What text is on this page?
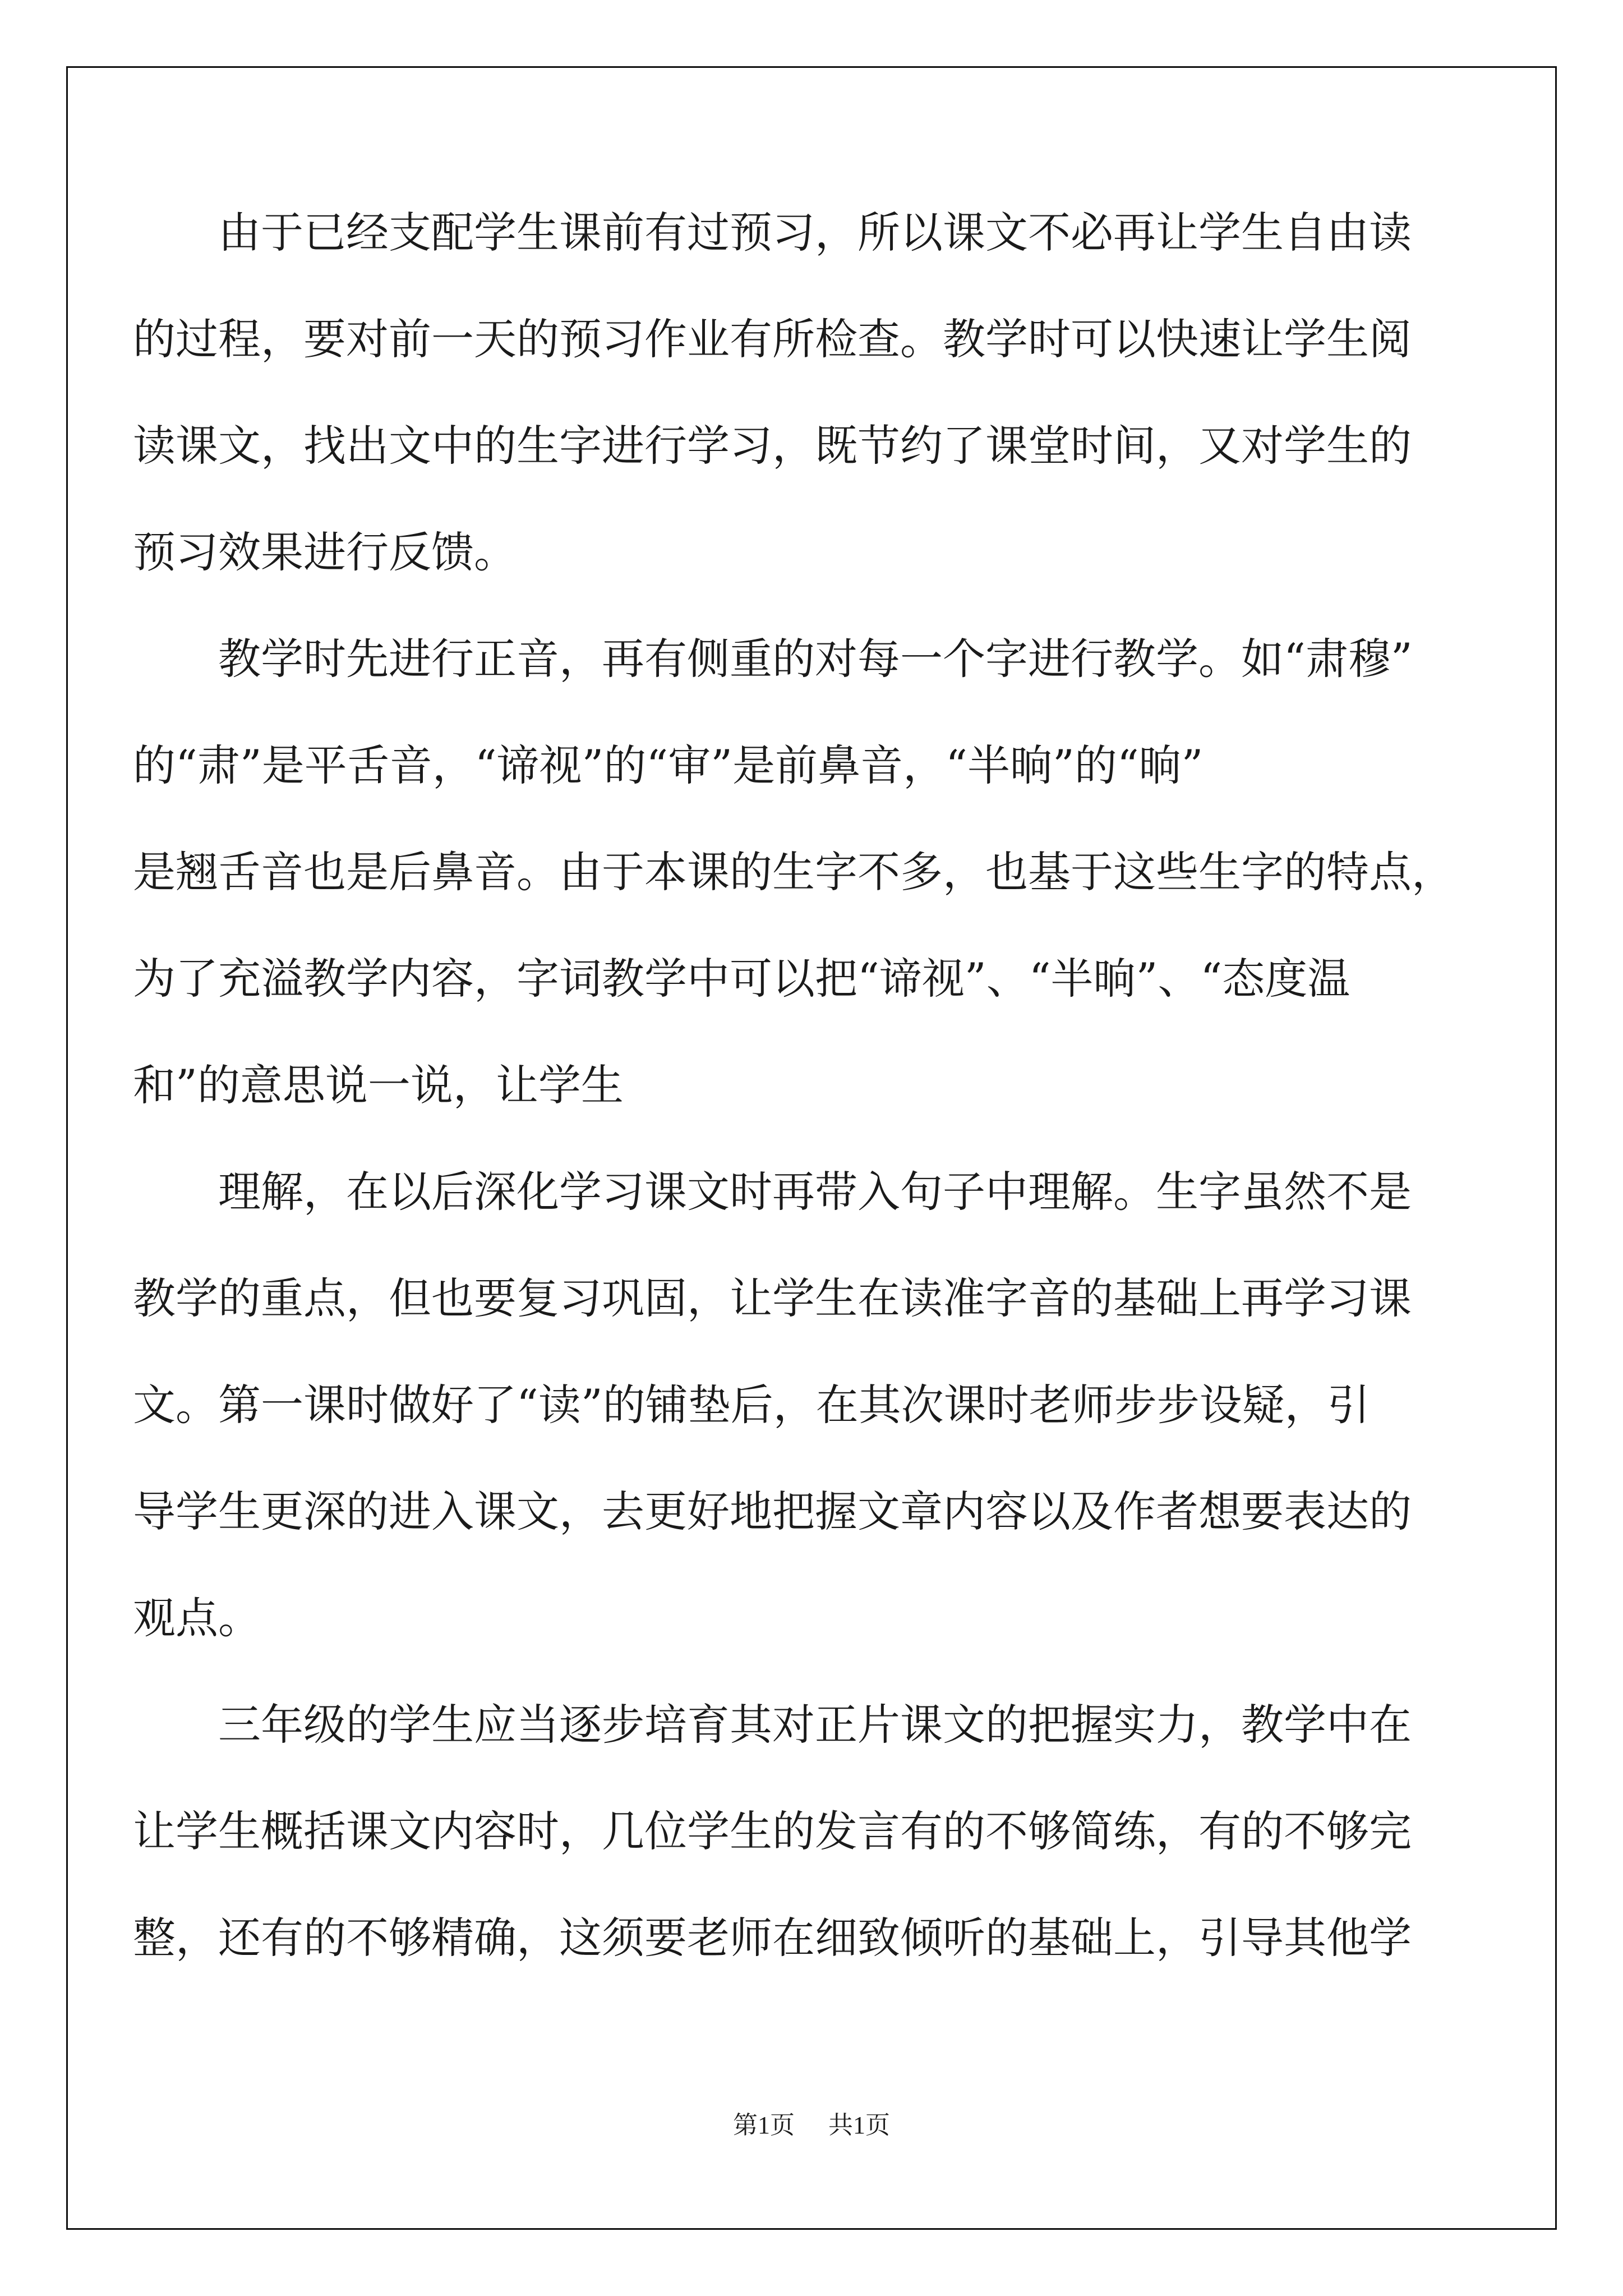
由于已经支配学生课前有过预习，所以课文不必再让学生自由读
的过程，要对前一天的预习作业有所检查。教学时可以快速让学生阅
读课文，找出文中的生字进行学习，既节约了课堂时间，又对学生的
预习效果进行反馈。
教学时先进行正音，再有侧重的对每一个字进行教学。如“肃穆”
的“肃”是平舌音，“谛视”的“审”是前鼻音，“半晌”的“晌”
是翘舌音也是后鼻音。由于本课的生字不多，也基于这些生字的特点，
为了充溢教学内容，字词教学中可以把“谛视”、“半晌”、“态度温
和”的意思说一说，让学生
理解，在以后深化学习课文时再带入句子中理解。生字虽然不是
教学的重点，但也要复习巩固，让学生在读准字音的基础上再学习课
文。第一课时做好了“读”的铺垫后，在其次课时老师步步设疑，引
导学生更深的进入课文，去更好地把握文章内容以及作者想要表达的
观点。
三年级的学生应当逐步培育其对正片课文的把握实力，教学中在
让学生概括课文内容时，几位学生的发言有的不够简练，有的不够完
整，还有的不够精确，这须要老师在细致倾听的基础上，引导其他学
第1页 共1页
